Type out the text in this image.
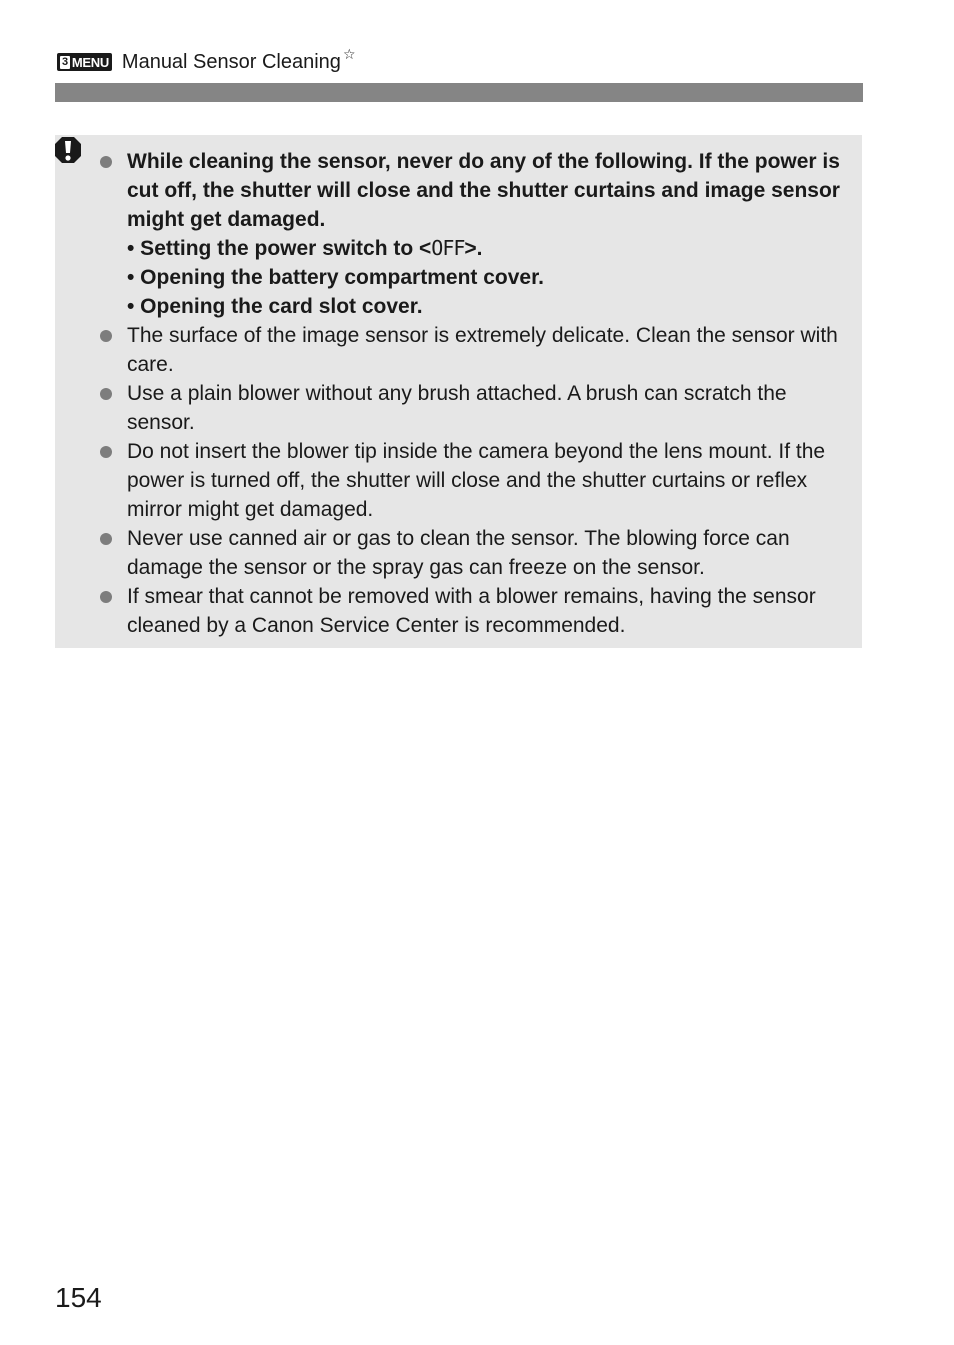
3 MENU Manual Sensor Cleaning ☆
While cleaning the sensor, never do any of the following. If the power is cut off, the shutter will close and the shutter curtains and image sensor might get damaged.
• Setting the power switch to <OFF>.
• Opening the battery compartment cover.
• Opening the card slot cover.
The surface of the image sensor is extremely delicate. Clean the sensor with care.
Use a plain blower without any brush attached. A brush can scratch the sensor.
Do not insert the blower tip inside the camera beyond the lens mount. If the power is turned off, the shutter will close and the shutter curtains or reflex mirror might get damaged.
Never use canned air or gas to clean the sensor. The blowing force can damage the sensor or the spray gas can freeze on the sensor.
If smear that cannot be removed with a blower remains, having the sensor cleaned by a Canon Service Center is recommended.
154
